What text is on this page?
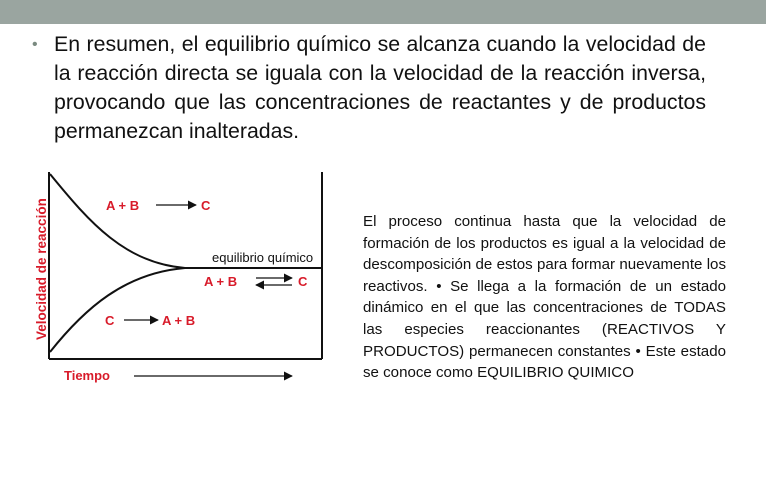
• En resumen, el equilibrio químico se alcanza cuando la velocidad de la reacción directa se iguala con la velocidad de la reacción inversa, provocando que las concentraciones de reactantes y de productos permanezcan inalteradas.
Velocidad de reacción	A + B	C
equilibrio químico
A + B	C
C	A + B
Tiempo
El proceso continua hasta que la velocidad de formación de los productos es igual a la velocidad de descomposición de estos para formar nuevamente los reactivos. • Se llega a la formación de un estado dinámico en el que las concentraciones de TODAS las especies reaccionantes (REACTIVOS Y PRODUCTOS) permanecen constantes • Este estado se conoce como EQUILIBRIO QUIMICO
